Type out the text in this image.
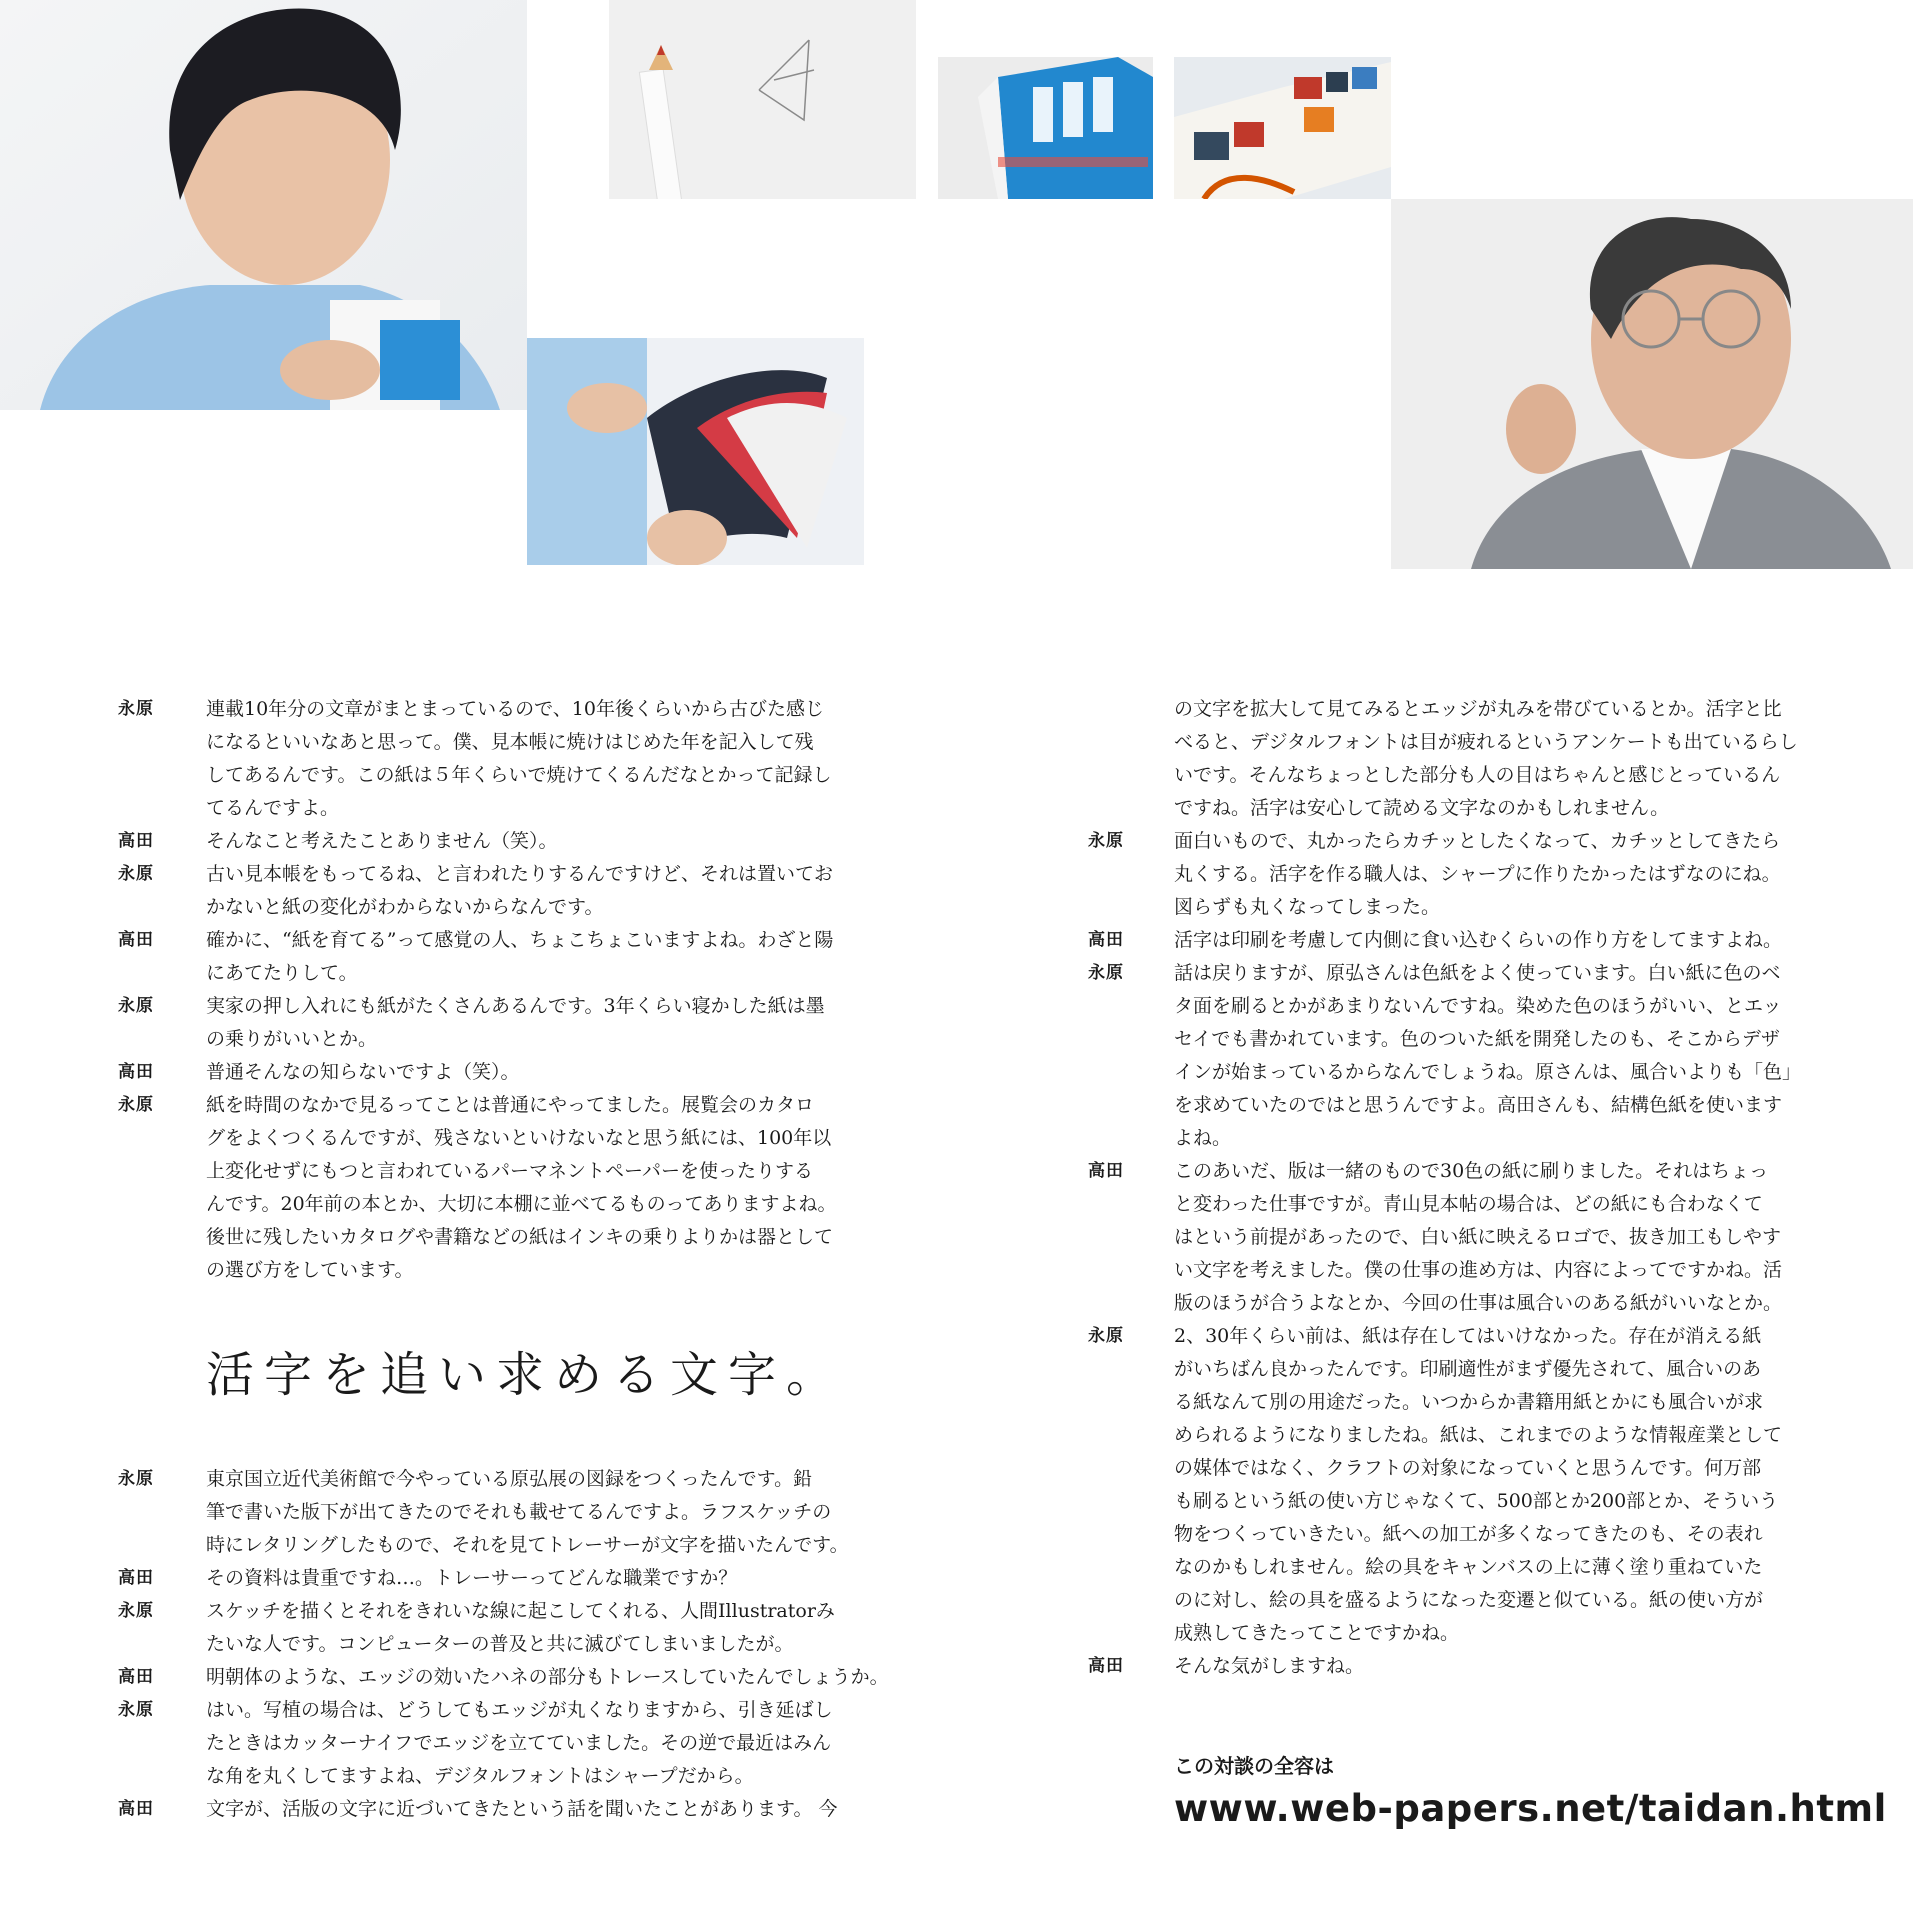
永原	連載10年分の文章がまとまっているので、10年後くらいから古びた感じ
になるといいなあと思って。僕、見本帳に焼けはじめた年を記入して残
してあるんです。この紙は５年くらいで焼けてくるんだなとかって記録し
てるんですよ。
高田	そんなこと考えたことありません（笑）。
永原	古い見本帳をもってるね、と言われたりするんですけど、それは置いてお
かないと紙の変化がわからないからなんです。
高田	確かに、“紙を育てる”って感覚の人、ちょこちょこいますよね。わざと陽
にあてたりして。
永原	実家の押し入れにも紙がたくさんあるんです。3年くらい寝かした紙は墨
の乗りがいいとか。
高田	普通そんなの知らないですよ（笑）。
永原	紙を時間のなかで見るってことは普通にやってました。展覧会のカタロ
グをよくつくるんですが、残さないといけないなと思う紙には、100年以
上変化せずにもつと言われているパーマネントペーパーを使ったりする
んです。20年前の本とか、大切に本棚に並べてるものってありますよね。
後世に残したいカタログや書籍などの紙はインキの乗りよりかは器として
の選び方をしています。
活字を追い求める文字。
永原	東京国立近代美術館で今やっている原弘展の図録をつくったんです。鉛
筆で書いた版下が出てきたのでそれも載せてるんですよ。ラフスケッチの
時にレタリングしたもので、それを見てトレーサーが文字を描いたんです。
高田	その資料は貴重ですね…。トレーサーってどんな職業ですか？
永原	スケッチを描くとそれをきれいな線に起こしてくれる、人間Illustratorみ
たいな人です。コンピューターの普及と共に滅びてしまいましたが。
高田	明朝体のような、エッジの効いたハネの部分もトレースしていたんでしょうか。
永原	はい。写植の場合は、どうしてもエッジが丸くなりますから、引き延ばし
たときはカッターナイフでエッジを立てていました。その逆で最近はみん
な角を丸くしてますよね、デジタルフォントはシャープだから。
高田	文字が、活版の文字に近づいてきたという話を聞いたことがあります。 今
の文字を拡大して見てみるとエッジが丸みを帯びているとか。活字と比
べると、デジタルフォントは目が疲れるというアンケートも出ているらし
いです。そんなちょっとした部分も人の目はちゃんと感じとっているん
ですね。活字は安心して読める文字なのかもしれません。
永原	面白いもので、丸かったらカチッとしたくなって、カチッとしてきたら
丸くする。活字を作る職人は、シャープに作りたかったはずなのにね。
図らずも丸くなってしまった。
高田	活字は印刷を考慮して内側に食い込むくらいの作り方をしてますよね。
永原	話は戻りますが、原弘さんは色紙をよく使っています。白い紙に色のベ
タ面を刷るとかがあまりないんですね。染めた色のほうがいい、とエッ
セイでも書かれています。色のついた紙を開発したのも、そこからデザ
インが始まっているからなんでしょうね。原さんは、風合いよりも「色」
を求めていたのではと思うんですよ。高田さんも、結構色紙を使います
よね。
高田	このあいだ、版は一緒のもので30色の紙に刷りました。それはちょっ
と変わった仕事ですが。青山見本帖の場合は、どの紙にも合わなくて
はという前提があったので、白い紙に映えるロゴで、抜き加工もしやす
い文字を考えました。僕の仕事の進め方は、内容によってですかね。活
版のほうが合うよなとか、今回の仕事は風合いのある紙がいいなとか。
永原	2、30年くらい前は、紙は存在してはいけなかった。存在が消える紙
がいちばん良かったんです。印刷適性がまず優先されて、風合いのあ
る紙なんて別の用途だった。いつからか書籍用紙とかにも風合いが求
められるようになりましたね。紙は、これまでのような情報産業として
の媒体ではなく、クラフトの対象になっていくと思うんです。何万部
も刷るという紙の使い方じゃなくて、500部とか200部とか、そういう
物をつくっていきたい。紙への加工が多くなってきたのも、その表れ
なのかもしれません。絵の具をキャンバスの上に薄く塗り重ねていた
のに対し、絵の具を盛るようになった変遷と似ている。紙の使い方が
成熟してきたってことですかね。
高田	そんな気がしますね。
この対談の全容は
www.web-papers.net/taidan.html
